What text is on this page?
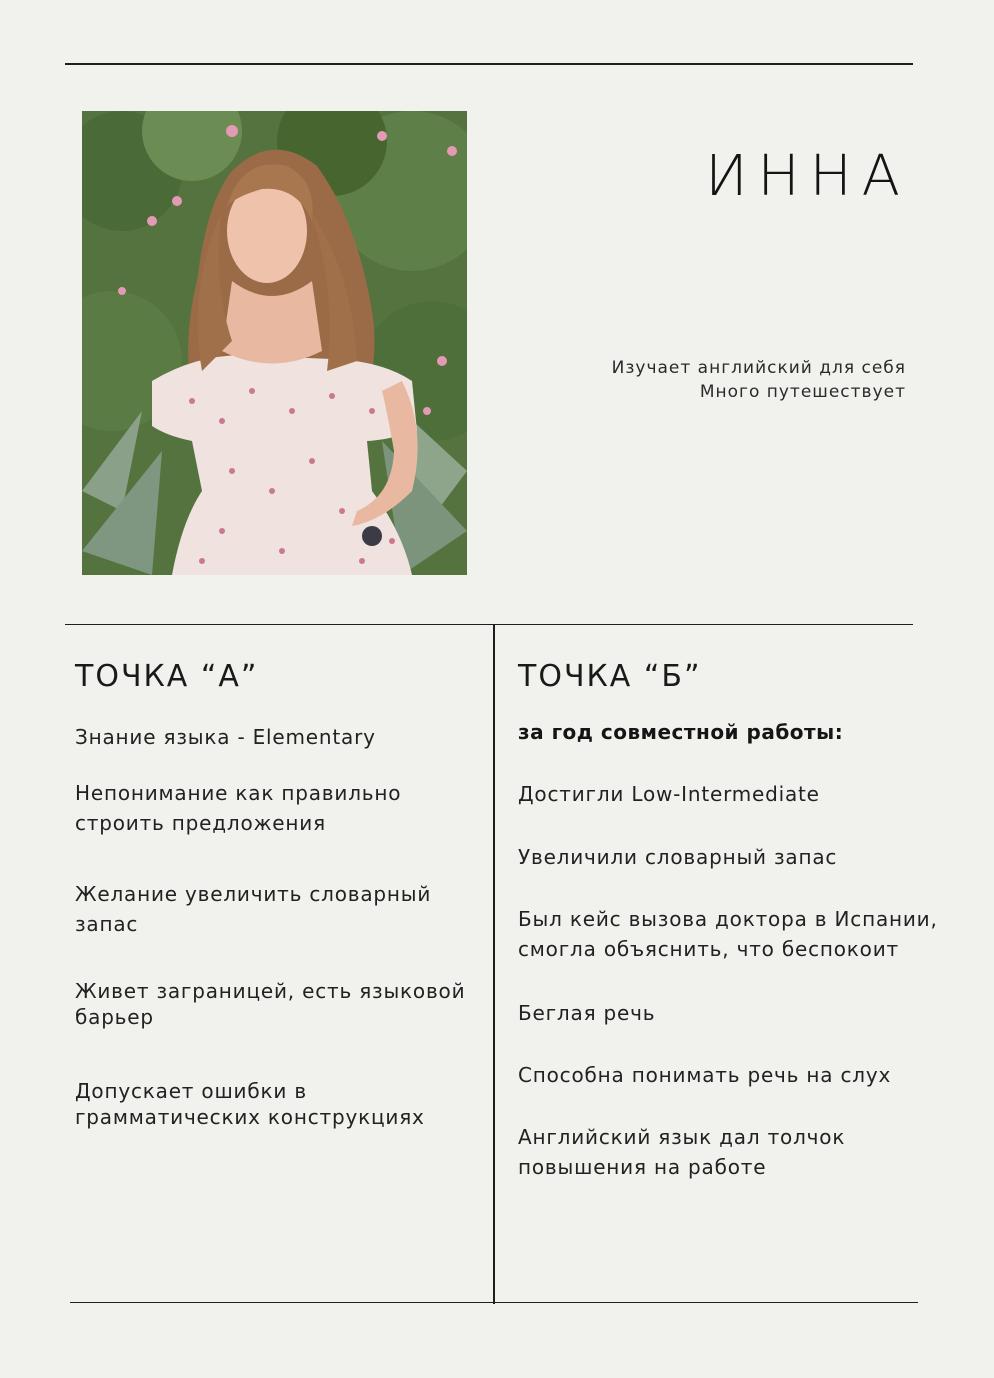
ИННА
Изучает английский для себя
Много путешествует
ТОЧКА “А”
Знание языка - Elementary
Непонимание как правильно строить предложения
Желание увеличить словарный запас
Живет заграницей, есть языковой барьер
Допускает ошибки в грамматических конструкциях
ТОЧКА “Б”
за год совместной работы:
Достигли Low-Intermediate
Увеличили словарный запас
Был кейс вызова доктора в Испании, смогла объяснить, что беспокоит
Беглая речь
Способна понимать речь на слух
Английский язык дал толчок повышения на работе
